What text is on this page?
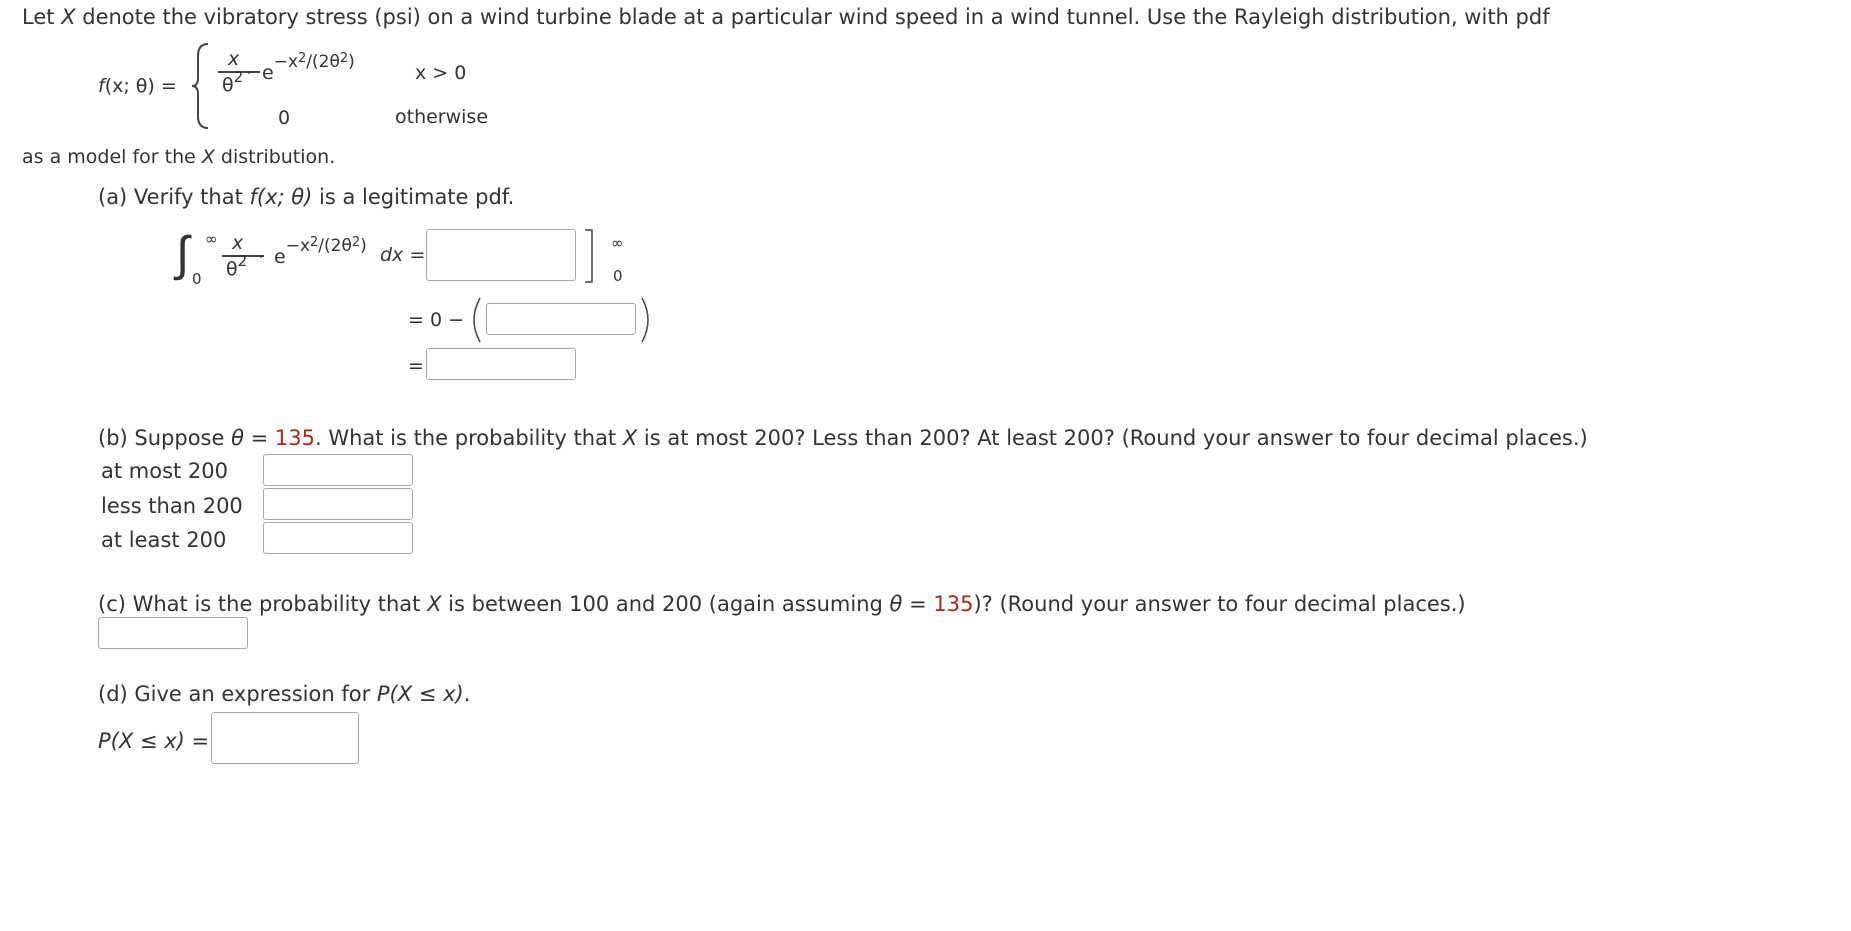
Let X denote the vibratory stress (psi) on a wind turbine blade at a particular wind speed in a wind tunnel. Use the Rayleigh distribution, with pdf
f(x; θ) =
x
$\theta^2 \cdot e-x^2/(2\theta^2)$	x > 0
0	otherwise
as a model for the X distribution.
(a) Verify that f(x; θ) is a legitimate pdf.
∫ ∞
0
x
$\theta^2 \cdot e-x^2/(2\theta^2)$ dx =
∞
0
= 0 −
=
(b) Suppose θ = 135. What is the probability that X is at most 200? Less than 200? At least 200? (Round your answer to four decimal places.)
at most 200
less than 200
at least 200
(c) What is the probability that X is between 100 and 200 (again assuming θ = 135)? (Round your answer to four decimal places.)
(d) Give an expression for P(X ≤ x).
P(X ≤ x) =
